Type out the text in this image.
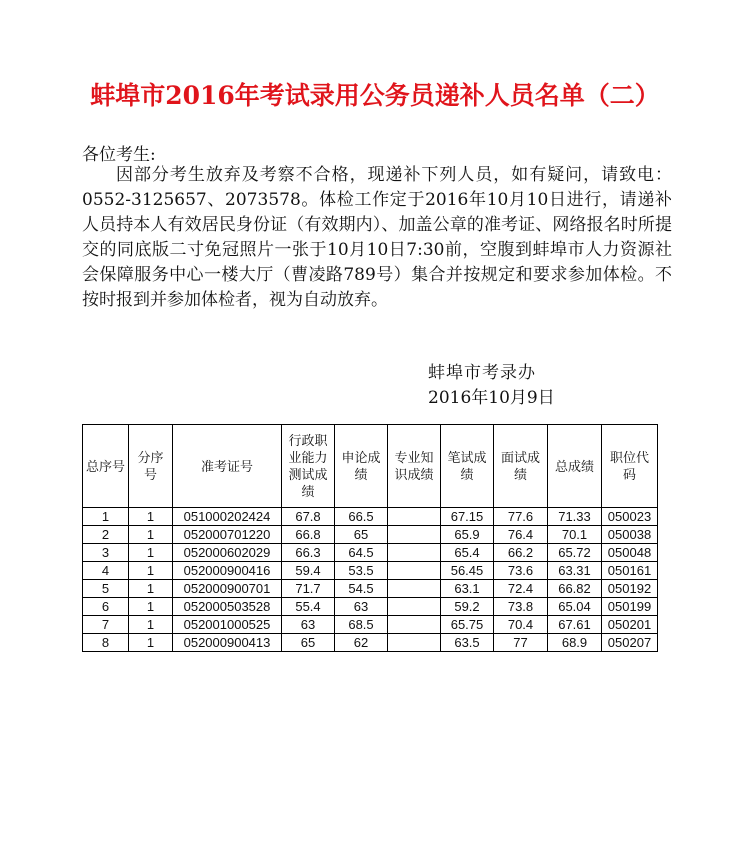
蚌埠市2016年考试录用公务员递补人员名单（二）
各位考生:

因部分考生放弃及考察不合格，现递补下列人员，如有疑问，请致电：0552-3125657、2073578。体检工作定于2016年10月10日进行，请递补人员持本人有效居民身份证（有效期内）、加盖公章的准考证、网络报名时所提交的同底版二寸免冠照片一张于10月10日7:30前，空腹到蚌埠市人力资源社会保障服务中心一楼大厅（曹凌路789号）集合并按规定和要求参加体检。不按时报到并参加体检者，视为自动放弃。

蚌埠市考录办
2016年10月9日
总序号	分序号	准考证号	行政职业能力测试成绩	申论成绩	专业知识成绩	笔试成绩	面试成绩	总成绩	职位代码
1	1	051000202424	67.8	66.5		67.15	77.6	71.33	050023
2	1	052000701220	66.8	65		65.9	76.4	70.1	050038
3	1	052000602029	66.3	64.5		65.4	66.2	65.72	050048
4	1	052000900416	59.4	53.5		56.45	73.6	63.31	050161
5	1	052000900701	71.7	54.5		63.1	72.4	66.82	050192
6	1	052000503528	55.4	63		59.2	73.8	65.04	050199
7	1	052001000525	63	68.5		65.75	70.4	67.61	050201
8	1	052000900413	65	62		63.5	77	68.9	050207
